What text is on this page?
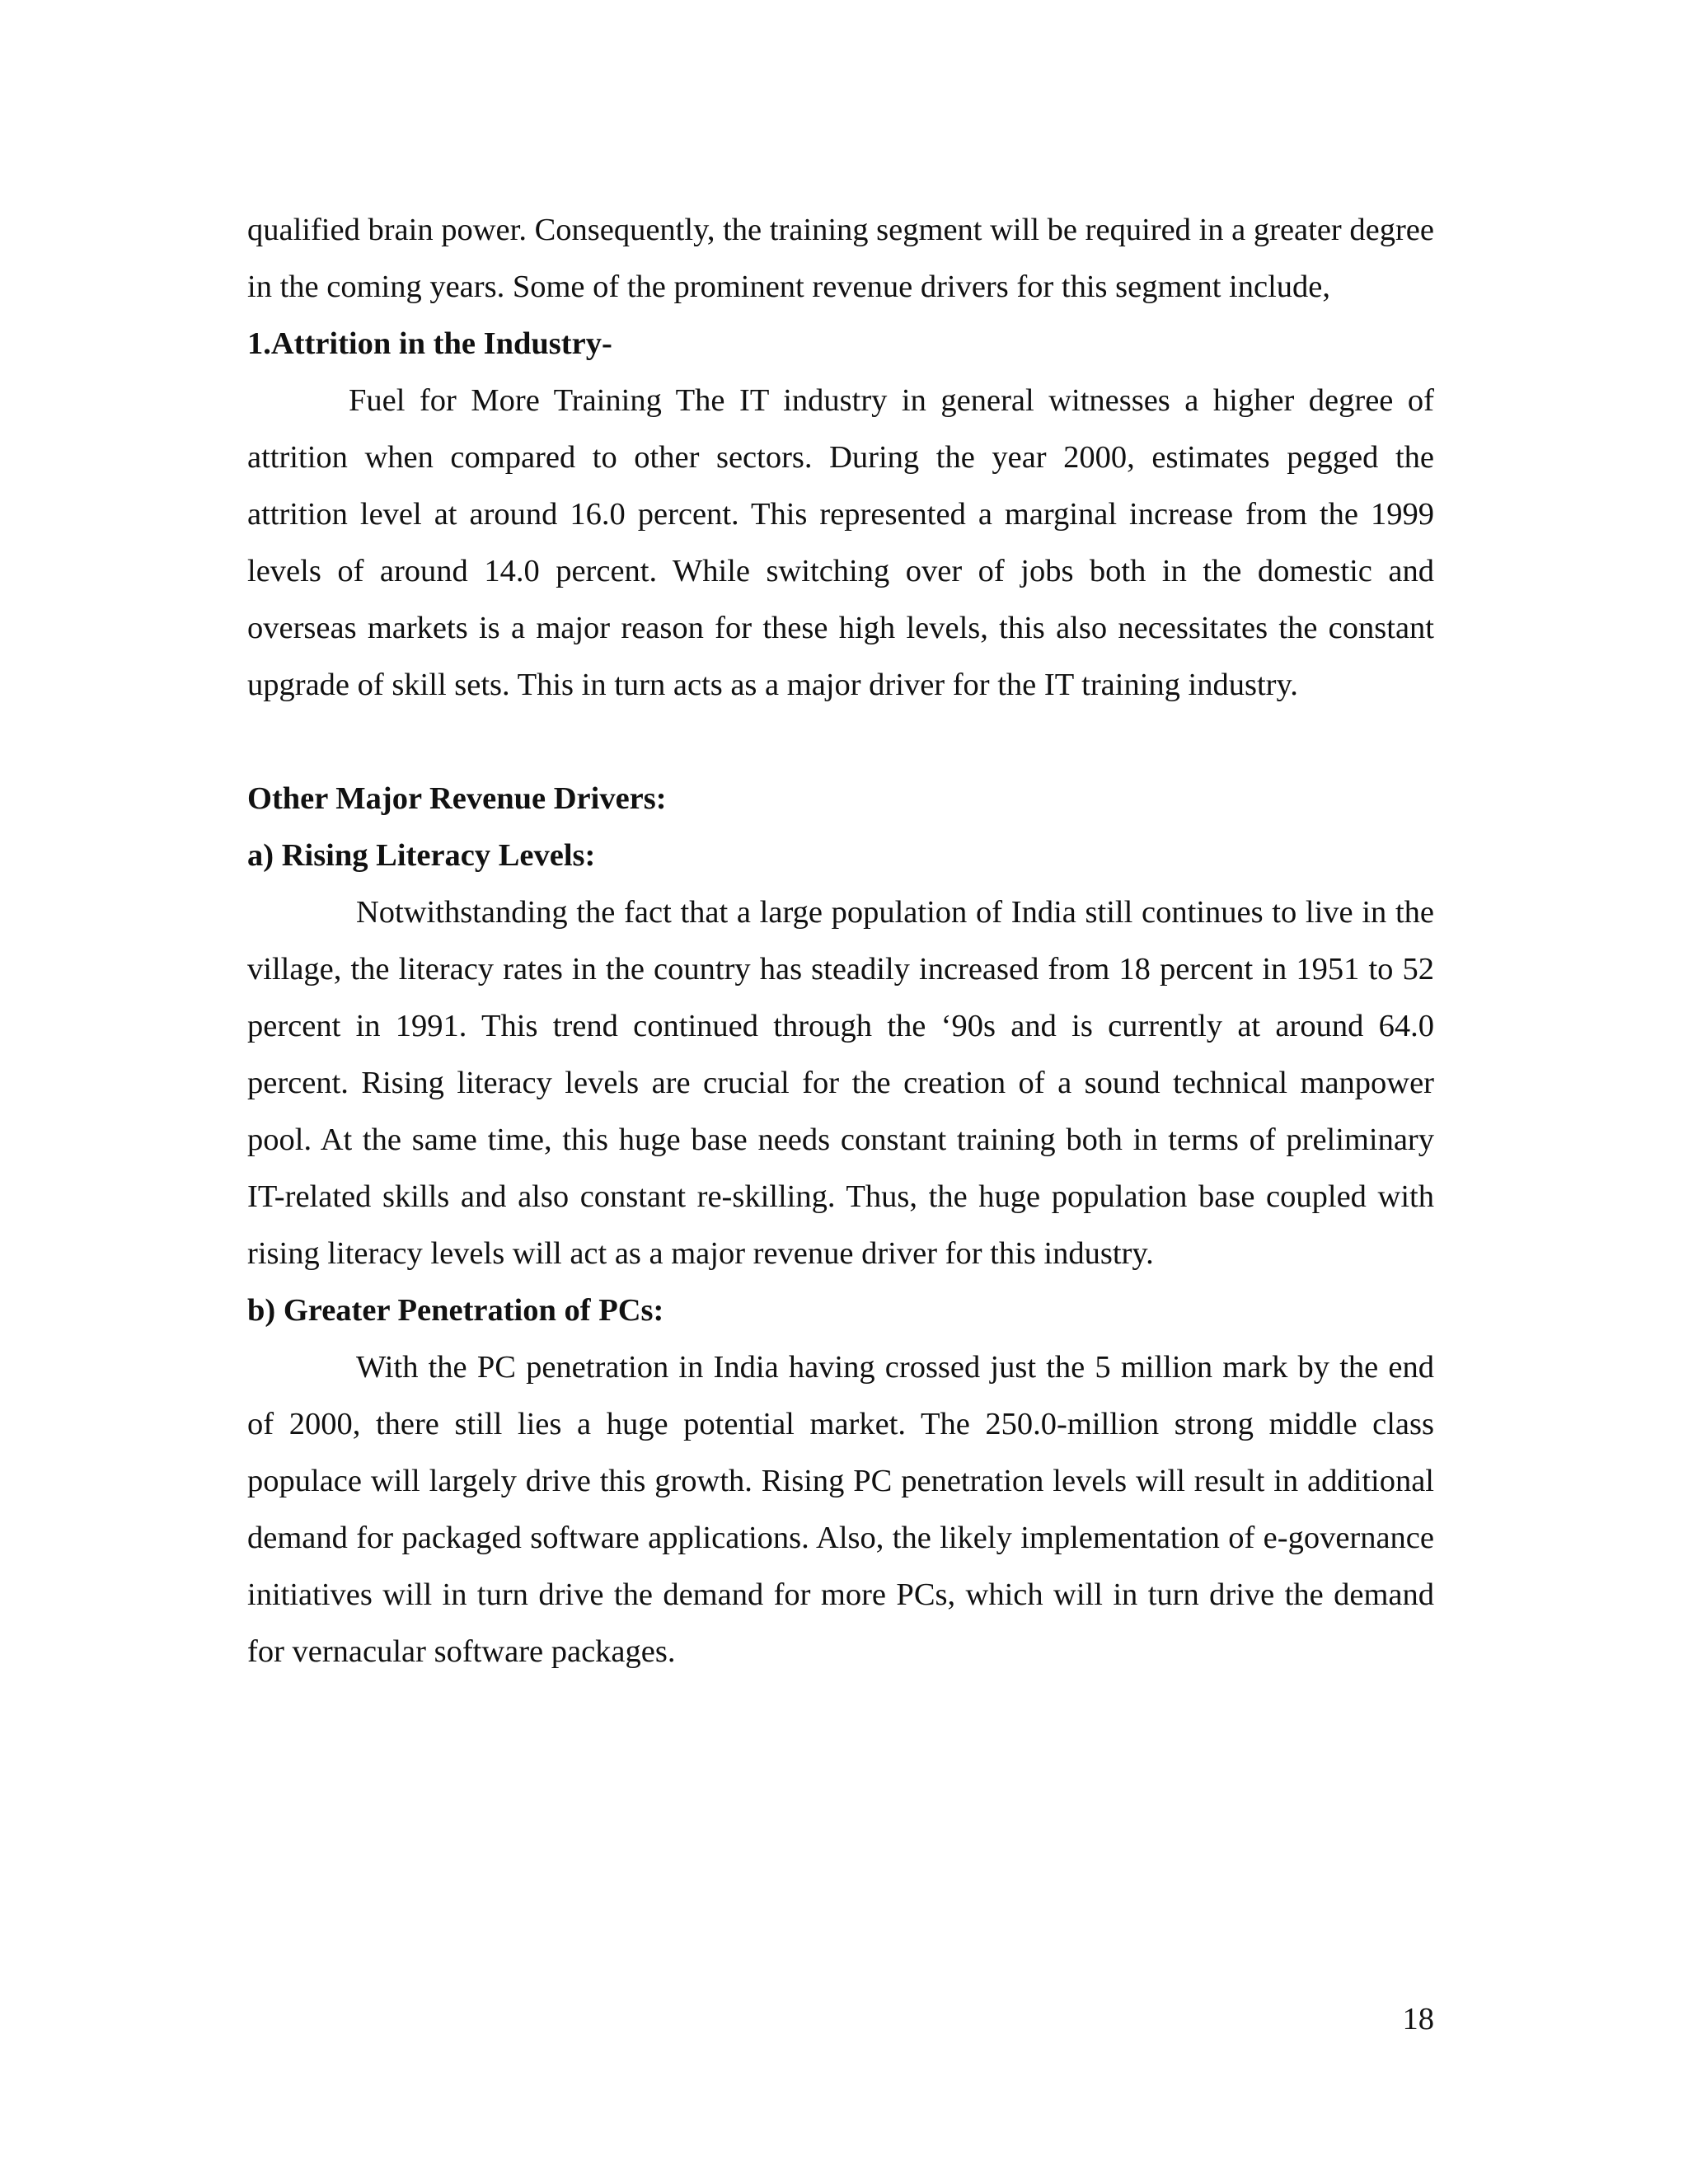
qualified brain power. Consequently, the training segment will be required in a greater degree in the coming years. Some of the prominent revenue drivers for this segment include,

1.Attrition in the Industry-

Fuel for More Training The IT industry in general witnesses a higher degree of attrition when compared to other sectors. During the year 2000, estimates pegged the attrition level at around 16.0 percent. This represented a marginal increase from the 1999 levels of around 14.0 percent. While switching over of jobs both in the domestic and overseas markets is a major reason for these high levels, this also necessitates the constant upgrade of skill sets. This in turn acts as a major driver for the IT training industry.

Other Major Revenue Drivers:
a) Rising Literacy Levels:

Notwithstanding the fact that a large population of India still continues to live in the village, the literacy rates in the country has steadily increased from 18 percent in 1951 to 52 percent in 1991. This trend continued through the ‘90s and is currently at around 64.0 percent. Rising literacy levels are crucial for the creation of a sound technical manpower pool. At the same time, this huge base needs constant training both in terms of preliminary IT-related skills and also constant re-skilling. Thus, the huge population base coupled with rising literacy levels will act as a major revenue driver for this industry.

b) Greater Penetration of PCs:

With the PC penetration in India having crossed just the 5 million mark by the end of 2000, there still lies a huge potential market. The 250.0-million strong middle class populace will largely drive this growth. Rising PC penetration levels will result in additional demand for packaged software applications. Also, the likely implementation of e-governance initiatives will in turn drive the demand for more PCs, which will in turn drive the demand for vernacular software packages.

18
